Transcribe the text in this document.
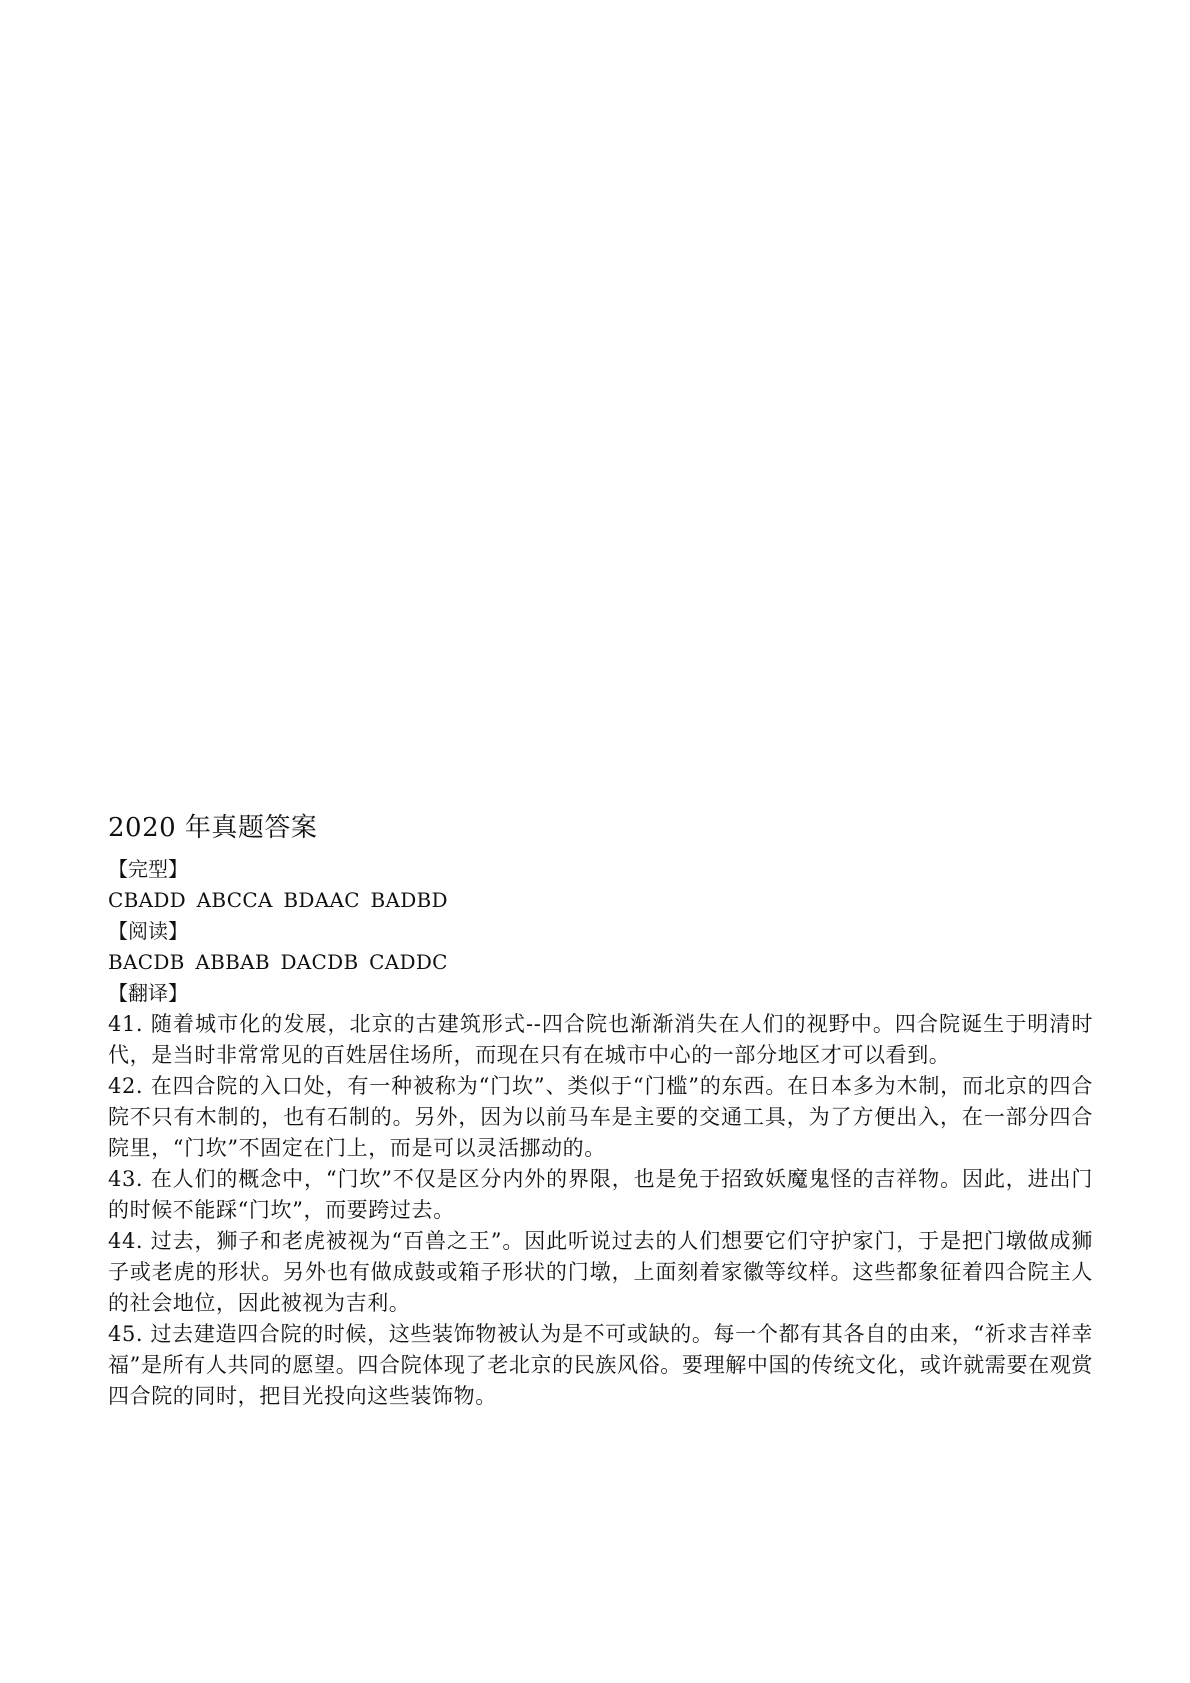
2020 年真题答案

【完型】

CBADD ABCCA BDAAC BADBD

【阅读】

BACDB ABBAB DACDB CADDC

【翻译】

41. 随着城市化的发展，北京的古建筑形式--四合院也渐渐消失在人们的视野中。四合院诞生于明清时代，是当时非常常见的百姓居住场所，而现在只有在城市中心的一部分地区才可以看到。

42. 在四合院的入口处，有一种被称为“门坎”、类似于“门槛”的东西。在日本多为木制，而北京的四合院不只有木制的，也有石制的。另外，因为以前马车是主要的交通工具，为了方便出入，在一部分四合院里，“门坎”不固定在门上，而是可以灵活挪动的。

43. 在人们的概念中，“门坎”不仅是区分内外的界限，也是免于招致妖魔鬼怪的吉祥物。因此，进出门的时候不能踩“门坎”，而要跨过去。

44. 过去，狮子和老虎被视为“百兽之王”。因此听说过去的人们想要它们守护家门，于是把门墩做成狮子或老虎的形状。另外也有做成鼓或箱子形状的门墩，上面刻着家徽等纹样。这些都象征着四合院主人的社会地位，因此被视为吉利。

45. 过去建造四合院的时候，这些装饰物被认为是不可或缺的。每一个都有其各自的由来，“祈求吉祥幸福”是所有人共同的愿望。四合院体现了老北京的民族风俗。要理解中国的传统文化，或许就需要在观赏四合院的同时，把目光投向这些装饰物。
